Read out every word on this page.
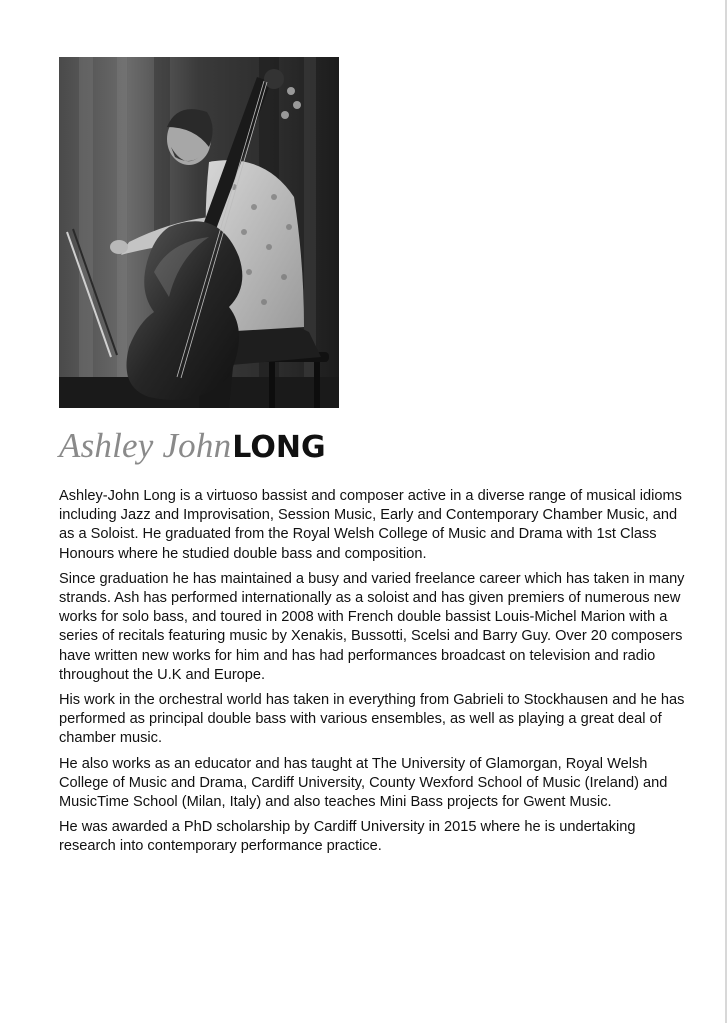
Ashley JohnLONG

Ashley-John Long is a virtuoso bassist and composer active in a diverse range of musical idioms including Jazz and Improvisation, Session Music, Early and Contemporary Chamber Music, and as a Soloist. He graduated from the Royal Welsh College of Music and Drama with 1st Class Honours where he studied double bass and composition.

Since graduation he has maintained a busy and varied freelance career which has taken in many strands. Ash has performed internationally as a soloist and has given premiers of numerous new works for solo bass, and toured in 2008 with French double bassist Louis-Michel Marion with a series of recitals featuring music by Xenakis, Bussotti, Scelsi and Barry Guy. Over 20 composers have written new works for him and has had performances broadcast on television and radio throughout the U.K and Europe.

His work in the orchestral world has taken in everything from Gabrieli to Stockhausen and he has performed as principal double bass with various ensembles, as well as playing a great deal of chamber music.

He also works as an educator and has taught at The University of Glamorgan, Royal Welsh College of Music and Drama, Cardiff University, County Wexford School of Music (Ireland) and MusicTime School (Milan, Italy) and also teaches Mini Bass projects for Gwent Music.

He was awarded a PhD scholarship by Cardiff University in 2015 where he is undertaking research into contemporary performance practice.
